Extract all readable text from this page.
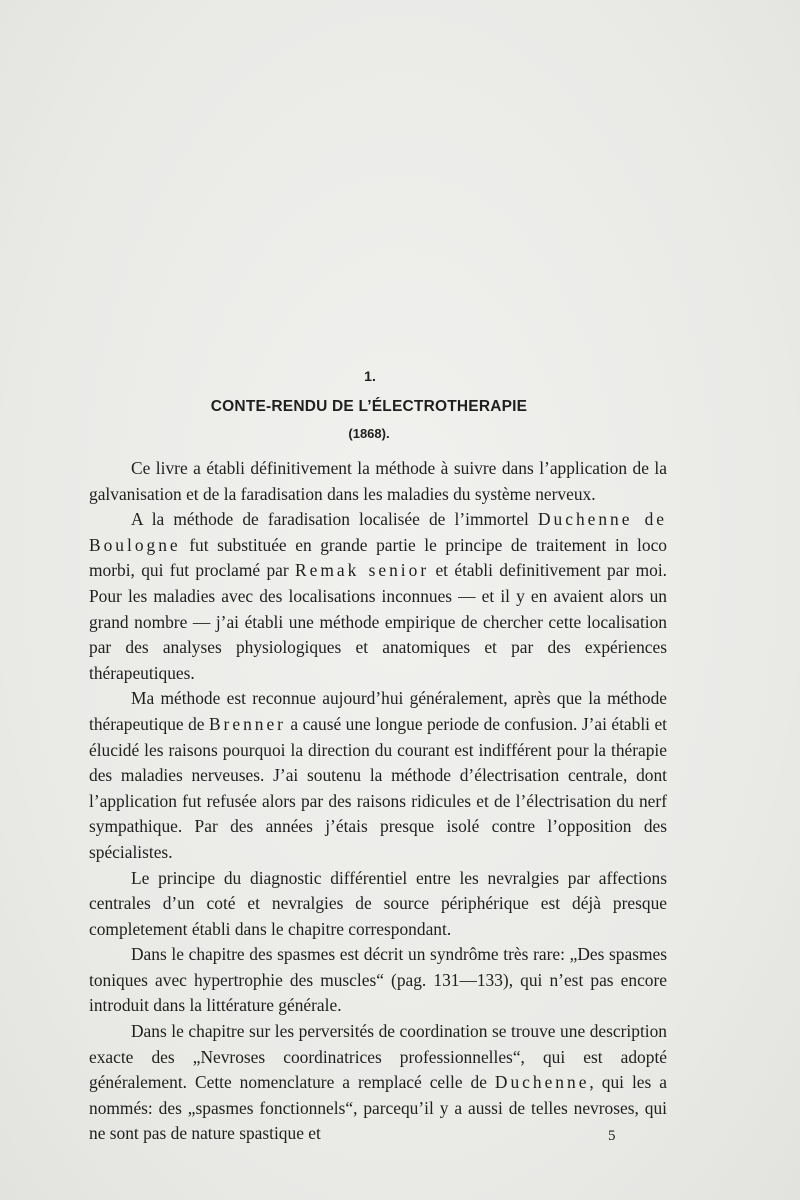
1.
CONTE-RENDU DE L’ÉLECTROTHERAPIE
(1868).

Ce livre a établi définitivement la méthode à suivre dans l’application de la galvanisation et de la faradisation dans les maladies du système nerveux.

A la méthode de faradisation localisée de l’immortel Duchenne de Boulogne fut substituée en grande partie le principe de traitement in loco morbi, qui fut proclamé par Remak senior et établi definitivement par moi. Pour les maladies avec des localisations inconnues — et il y en avaient alors un grand nombre — j’ai établi une méthode empirique de chercher cette localisation par des analyses physiologiques et anatomiques et par des expériences thérapeutiques.

Ma méthode est reconnue aujourd’hui généralement, après que la méthode thérapeutique de Brenner a causé une longue periode de confusion. J’ai établi et élucidé les raisons pourquoi la direction du courant est indifférent pour la thérapie des maladies nerveuses. J’ai soutenu la méthode d’électrisation centrale, dont l’application fut refusée alors par des raisons ridicules et de l’électrisation du nerf sympathique. Par des années j’étais presque isolé contre l’opposition des spécialistes.

Le principe du diagnostic différentiel entre les nevralgies par affections centrales d’un coté et nevralgies de source périphérique est déjà presque completement établi dans le chapitre correspondant.

Dans le chapitre des spasmes est décrit un syndrôme très rare: „Des spasmes toniques avec hypertrophie des muscles“ (pag. 131—133), qui n’est pas encore introduit dans la littérature générale.

Dans le chapitre sur les perversités de coordination se trouve une description exacte des „Nevroses coordinatrices professionnelles“, qui est adopté généralement. Cette nomenclature a remplacé celle de Duchenne, qui les a nommés: des „spasmes fonctionnels“, parcequ’il y a aussi de telles nevroses, qui ne sont pas de nature spastique et	5
